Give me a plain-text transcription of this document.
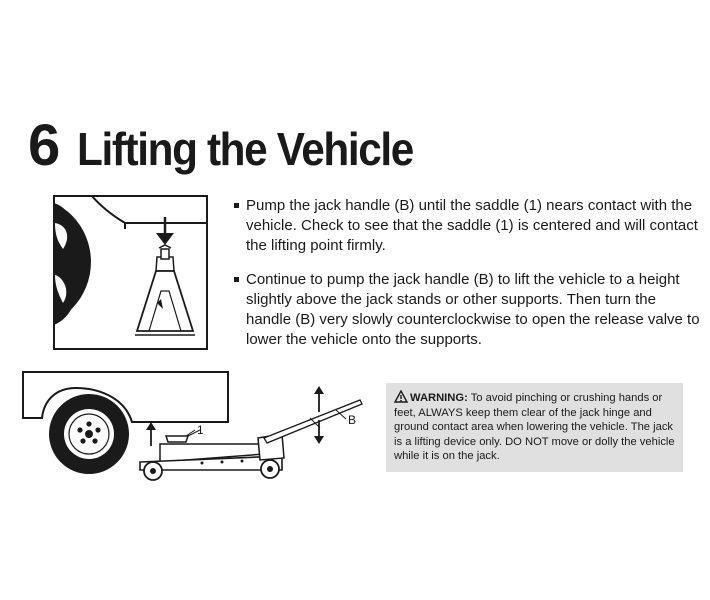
6 Lifting the Vehicle
Pump the jack handle (B) until the saddle (1) nears contact with the vehicle. Check to see that the saddle (1) is centered and will contact the lifting point firmly.
Continue to pump the jack handle (B) to lift the vehicle to a height slightly above the jack stands or other supports. Then turn the handle (B) very slowly counterclockwise to open the release valve to lower the vehicle onto the supports.
1
B
WARNING: To avoid pinching or crushing hands or feet, ALWAYS keep them clear of the jack hinge and ground contact area when lowering the vehicle. The jack is a lifting device only. DO NOT move or dolly the vehicle while it is on the jack.
